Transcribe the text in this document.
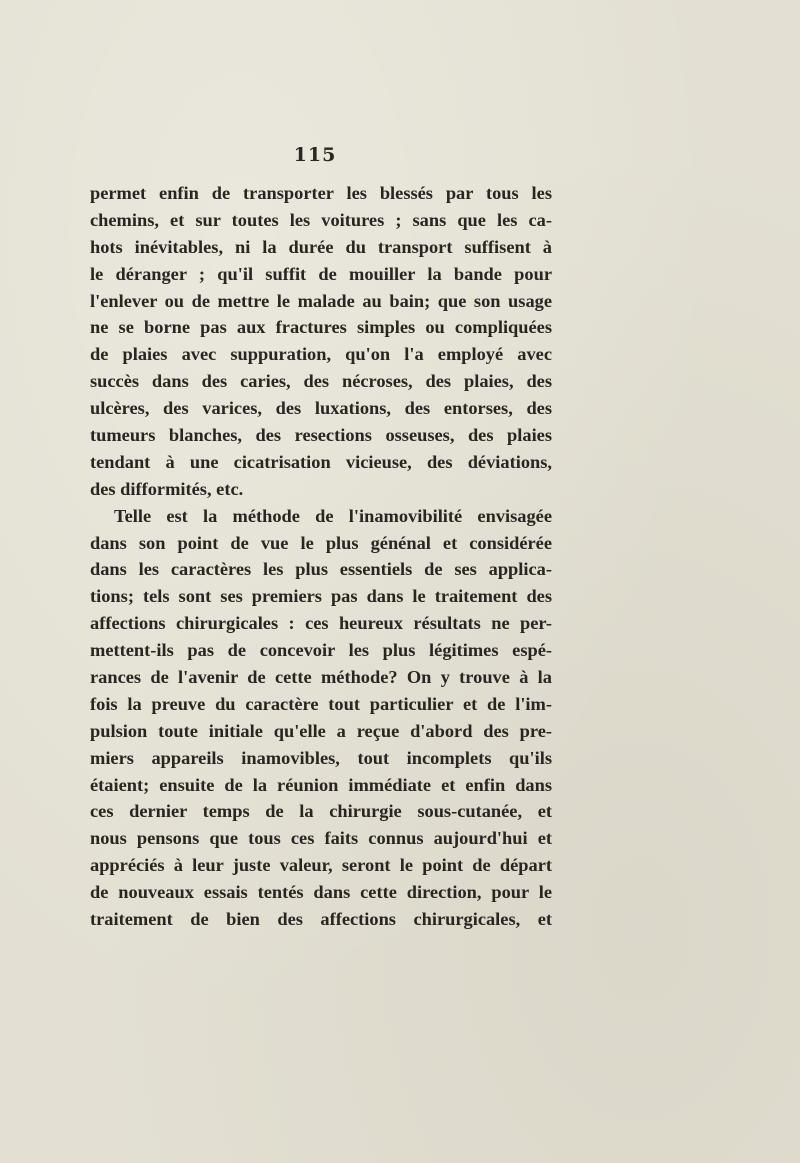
115
permet enfin de transporter les blessés par tous les
chemins, et sur toutes les voitures ; sans que les ca-
hots inévitables, ni la durée du transport suffisent à
le déranger ; qu'il suffit de mouiller la bande pour
l'enlever ou de mettre le malade au bain; que son usage
ne se borne pas aux fractures simples ou compliquées
de plaies avec suppuration, qu'on l'a employé avec
succès dans des caries, des nécroses, des plaies, des
ulcères, des varices, des luxations, des entorses, des
tumeurs blanches, des resections osseuses, des plaies
tendant à une cicatrisation vicieuse, des déviations,
des difformités, etc.
Telle est la méthode de l'inamovibilité envisagée
dans son point de vue le plus génénal et considérée
dans les caractères les plus essentiels de ses applica-
tions; tels sont ses premiers pas dans le traitement des
affections chirurgicales : ces heureux résultats ne per-
mettent-ils pas de concevoir les plus légitimes espé-
rances de l'avenir de cette méthode? On y trouve à la
fois la preuve du caractère tout particulier et de l'im-
pulsion toute initiale qu'elle a reçue d'abord des pre-
miers appareils inamovibles, tout incomplets qu'ils
étaient; ensuite de la réunion immédiate et enfin dans
ces dernier temps de la chirurgie sous-cutanée, et
nous pensons que tous ces faits connus aujourd'hui et
appréciés à leur juste valeur, seront le point de départ
de nouveaux essais tentés dans cette direction, pour le
traitement de bien des affections chirurgicales, et
